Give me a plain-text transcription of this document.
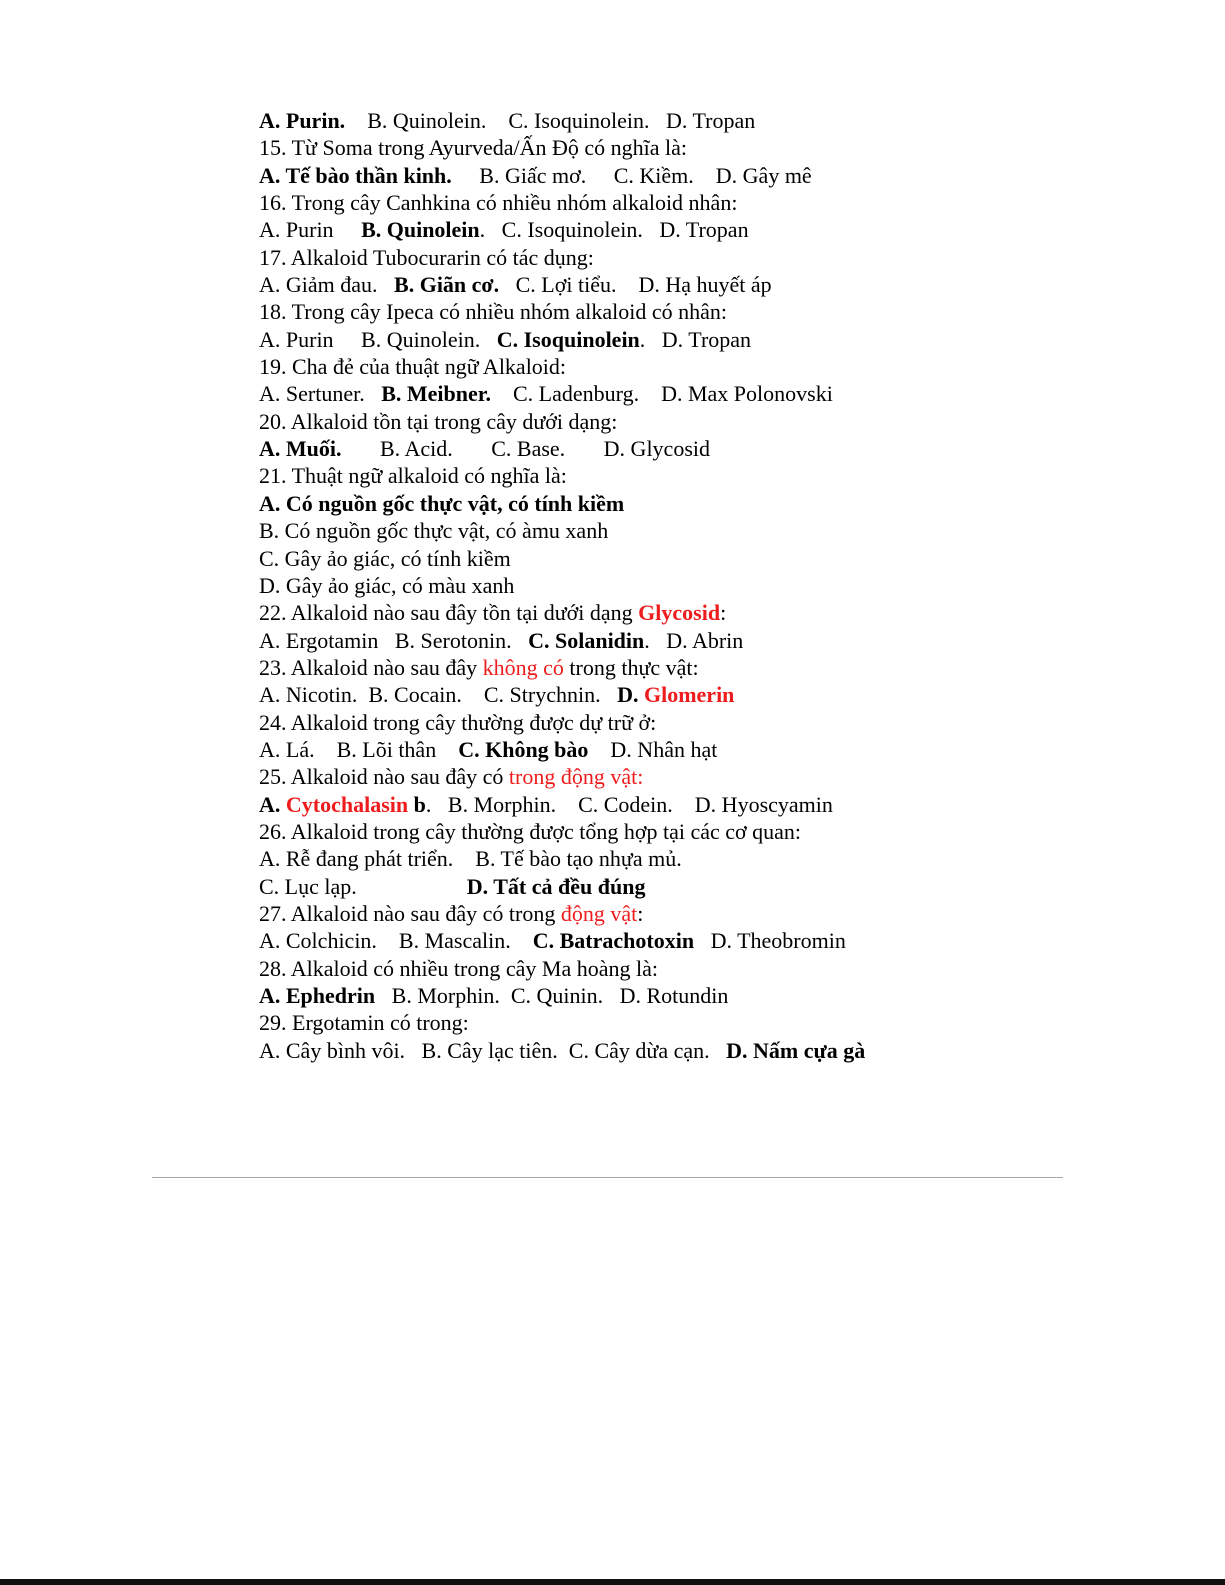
A. Purin.    B. Quinolein.    C. Isoquinolein.   D. Tropan
15. Từ Soma trong Ayurveda/Ấn Độ có nghĩa là:
A. Tế bào thần kinh.     B. Giấc mơ.     C. Kiềm.    D. Gây mê
16. Trong cây Canhkina có nhiều nhóm alkaloid nhân:
A. Purin     B. Quinolein.   C. Isoquinolein.   D. Tropan
17. Alkaloid Tubocurarin có tác dụng:
A. Giảm đau.   B. Giãn cơ.   C. Lợi tiểu.    D. Hạ huyết áp
18. Trong cây Ipeca có nhiều nhóm alkaloid có nhân:
A. Purin     B. Quinolein.   C. Isoquinolein.   D. Tropan
19. Cha đẻ của thuật ngữ Alkaloid:
A. Sertuner.   B. Meibner.    C. Ladenburg.    D. Max Polonovski
20. Alkaloid tồn tại trong cây dưới dạng:
A. Muối.       B. Acid.       C. Base.       D. Glycosid
21. Thuật ngữ alkaloid có nghĩa là:
A. Có nguồn gốc thực vật, có tính kiềm
B. Có nguồn gốc thực vật, có àmu xanh
C. Gây ảo giác, có tính kiềm
D. Gây ảo giác, có màu xanh
22. Alkaloid nào sau đây tồn tại dưới dạng Glycosid:
A. Ergotamin   B. Serotonin.   C. Solanidin.   D. Abrin
23. Alkaloid nào sau đây không có trong thực vật:
A. Nicotin.  B. Cocain.    C. Strychnin.   D. Glomerin
24. Alkaloid trong cây thường được dự trữ ở:
A. Lá.    B. Lõi thân    C. Không bào    D. Nhân hạt
25. Alkaloid nào sau đây có trong động vật:
A. Cytochalasin b.   B. Morphin.    C. Codein.    D. Hyoscyamin
26. Alkaloid trong cây thường được tổng hợp tại các cơ quan:
A. Rễ đang phát triển.    B. Tế bào tạo nhựa mủ.
C. Lục lạp.                    D. Tất cả đều đúng
27. Alkaloid nào sau đây có trong động vật:
A. Colchicin.    B. Mascalin.    C. Batrachotoxin   D. Theobromin
28. Alkaloid có nhiều trong cây Ma hoàng là:
A. Ephedrin   B. Morphin.  C. Quinin.   D. Rotundin
29. Ergotamin có trong:
A. Cây bình vôi.   B. Cây lạc tiên.  C. Cây dừa cạn.   D. Nấm cựa gà
